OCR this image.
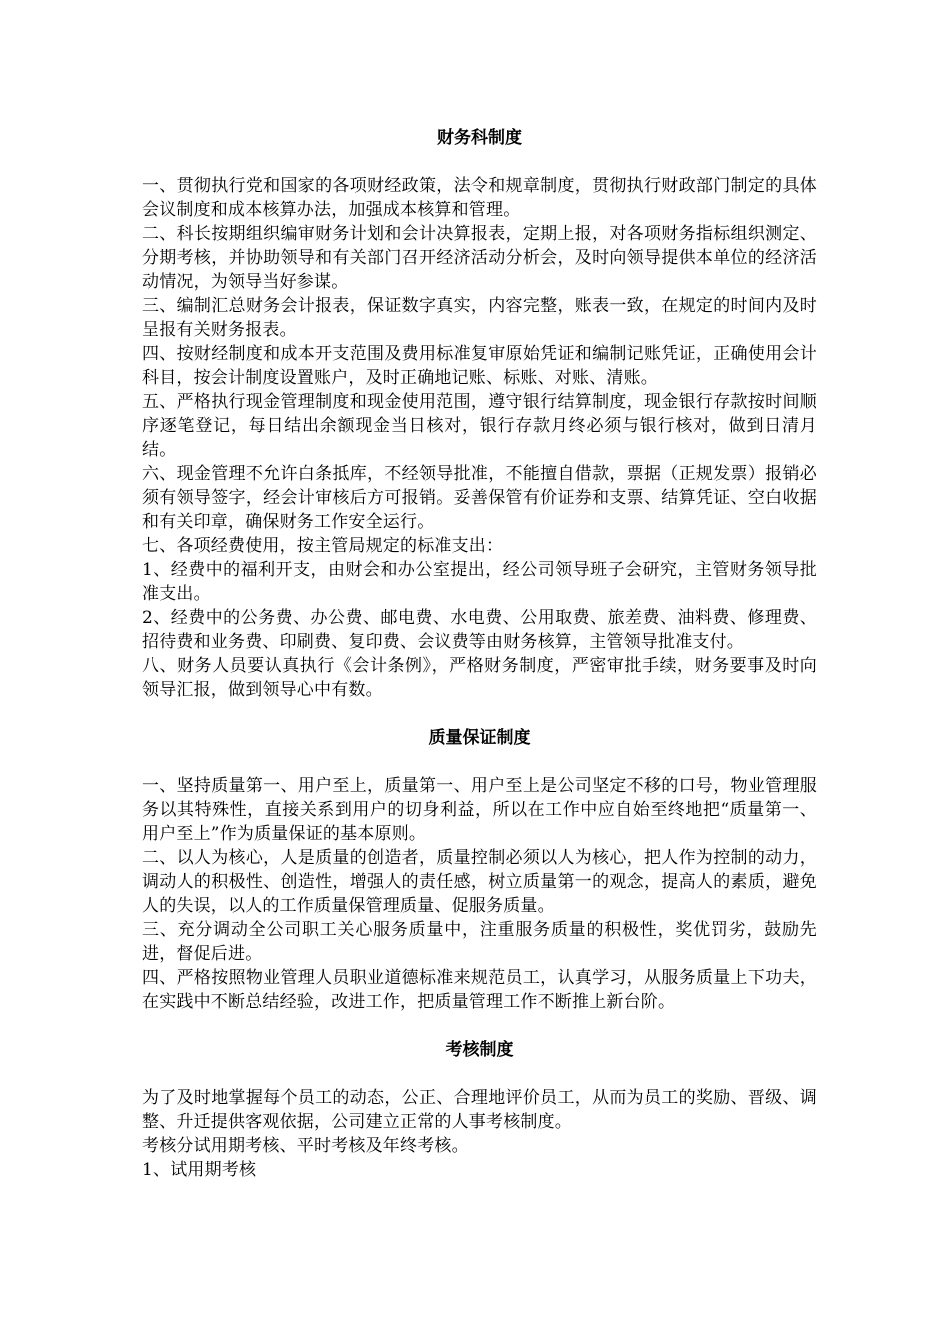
财务科制度

一、贯彻执行党和国家的各项财经政策，法令和规章制度，贯彻执行财政部门制定的具体会议制度和成本核算办法，加强成本核算和管理。

二、科长按期组织编审财务计划和会计决算报表，定期上报，对各项财务指标组织测定、分期考核，并协助领导和有关部门召开经济活动分析会，及时向领导提供本单位的经济活动情况，为领导当好参谋。

三、编制汇总财务会计报表，保证数字真实，内容完整，账表一致，在规定的时间内及时呈报有关财务报表。

四、按财经制度和成本开支范围及费用标准复审原始凭证和编制记账凭证，正确使用会计科目，按会计制度设置账户，及时正确地记账、标账、对账、清账。

五、严格执行现金管理制度和现金使用范围，遵守银行结算制度，现金银行存款按时间顺序逐笔登记，每日结出余额现金当日核对，银行存款月终必须与银行核对，做到日清月结。

六、现金管理不允许白条抵库，不经领导批准，不能擅自借款，票据（正规发票）报销必须有领导签字，经会计审核后方可报销。妥善保管有价证券和支票、结算凭证、空白收据和有关印章，确保财务工作安全运行。

七、各项经费使用，按主管局规定的标准支出：

1、经费中的福利开支，由财会和办公室提出，经公司领导班子会研究，主管财务领导批准支出。

2、经费中的公务费、办公费、邮电费、水电费、公用取费、旅差费、油料费、修理费、招待费和业务费、印刷费、复印费、会议费等由财务核算，主管领导批准支付。

八、财务人员要认真执行《会计条例》，严格财务制度，严密审批手续，财务要事及时向领导汇报，做到领导心中有数。

质量保证制度

一、坚持质量第一、用户至上，质量第一、用户至上是公司坚定不移的口号，物业管理服务以其特殊性，直接关系到用户的切身利益，所以在工作中应自始至终地把“质量第一、用户至上”作为质量保证的基本原则。

二、以人为核心，人是质量的创造者，质量控制必须以人为核心，把人作为控制的动力，调动人的积极性、创造性，增强人的责任感，树立质量第一的观念，提高人的素质，避免人的失误，以人的工作质量保管理质量、促服务质量。

三、充分调动全公司职工关心服务质量中，注重服务质量的积极性，奖优罚劣，鼓励先进，督促后进。

四、严格按照物业管理人员职业道德标准来规范员工，认真学习，从服务质量上下功夫，在实践中不断总结经验，改进工作，把质量管理工作不断推上新台阶。

考核制度

为了及时地掌握每个员工的动态，公正、合理地评价员工，从而为员工的奖励、晋级、调整、升迁提供客观依据，公司建立正常的人事考核制度。

考核分试用期考核、平时考核及年终考核。

1、试用期考核
